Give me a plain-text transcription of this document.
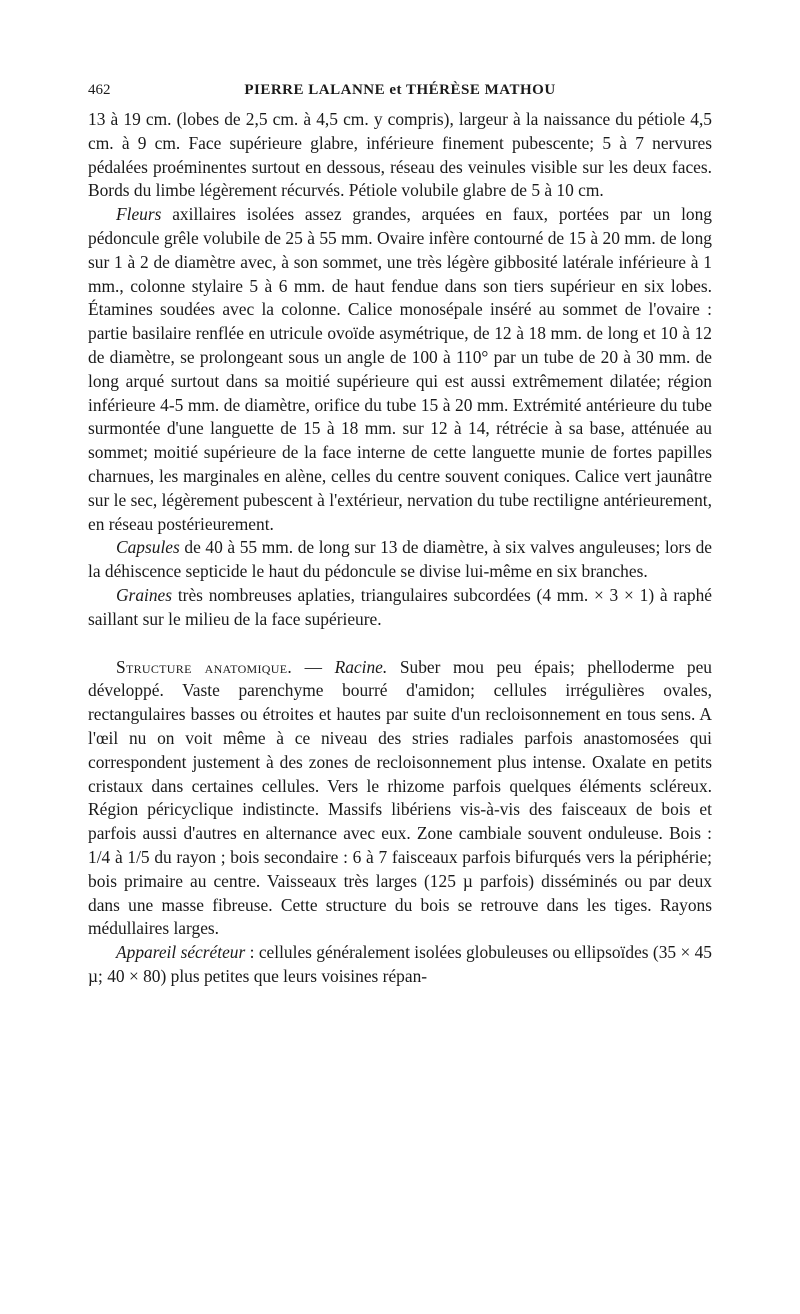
462	PIERRE LALANNE et THÉRÈSE MATHOU

13 à 19 cm. (lobes de 2,5 cm. à 4,5 cm. y compris), largeur à la naissance du pétiole 4,5 cm. à 9 cm. Face supérieure glabre, inférieure finement pubescente; 5 à 7 nervures pédalées proéminentes surtout en dessous, réseau des veinules visible sur les deux faces. Bords du limbe légèrement récurvés. Pétiole volubile glabre de 5 à 10 cm.

Fleurs axillaires isolées assez grandes, arquées en faux, portées par un long pédoncule grêle volubile de 25 à 55 mm. Ovaire infère contourné de 15 à 20 mm. de long sur 1 à 2 de diamètre avec, à son sommet, une très légère gibbosité latérale inférieure à 1 mm., colonne stylaire 5 à 6 mm. de haut fendue dans son tiers supérieur en six lobes. Étamines soudées avec la colonne. Calice monosépale inséré au sommet de l'ovaire : partie basilaire renflée en utricule ovoïde asymétrique, de 12 à 18 mm. de long et 10 à 12 de diamètre, se prolongeant sous un angle de 100 à 110° par un tube de 20 à 30 mm. de long arqué surtout dans sa moitié supérieure qui est aussi extrêmement dilatée; région inférieure 4-5 mm. de diamètre, orifice du tube 15 à 20 mm. Extrémité antérieure du tube surmontée d'une languette de 15 à 18 mm. sur 12 à 14, rétrécie à sa base, atténuée au sommet; moitié supérieure de la face interne de cette languette munie de fortes papilles charnues, les marginales en alène, celles du centre souvent coniques. Calice vert jaunâtre sur le sec, légèrement pubescent à l'extérieur, nervation du tube rectiligne antérieurement, en réseau postérieurement.

Capsules de 40 à 55 mm. de long sur 13 de diamètre, à six valves anguleuses; lors de la déhiscence septicide le haut du pédoncule se divise lui-même en six branches.

Graines très nombreuses aplaties, triangulaires subcordées (4 mm. × 3 × 1) à raphé saillant sur le milieu de la face supérieure.

Structure anatomique. — Racine. Suber mou peu épais; phelloderme peu développé. Vaste parenchyme bourré d'amidon; cellules irrégulières ovales, rectangulaires basses ou étroites et hautes par suite d'un recloisonnement en tous sens. A l'œil nu on voit même à ce niveau des stries radiales parfois anastomosées qui correspondent justement à des zones de recloisonnement plus intense. Oxalate en petits cristaux dans certaines cellules. Vers le rhizome parfois quelques éléments scléreux. Région péricyclique indistincte. Massifs libériens vis-à-vis des faisceaux de bois et parfois aussi d'autres en alternance avec eux. Zone cambiale souvent onduleuse. Bois : 1/4 à 1/5 du rayon ; bois secondaire : 6 à 7 faisceaux parfois bifurqués vers la périphérie; bois primaire au centre. Vaisseaux très larges (125 µ parfois) disséminés ou par deux dans une masse fibreuse. Cette structure du bois se retrouve dans les tiges. Rayons médullaires larges.

Appareil sécréteur : cellules généralement isolées globuleuses ou ellipsoïdes (35 × 45 µ; 40 × 80) plus petites que leurs voisines répan-
